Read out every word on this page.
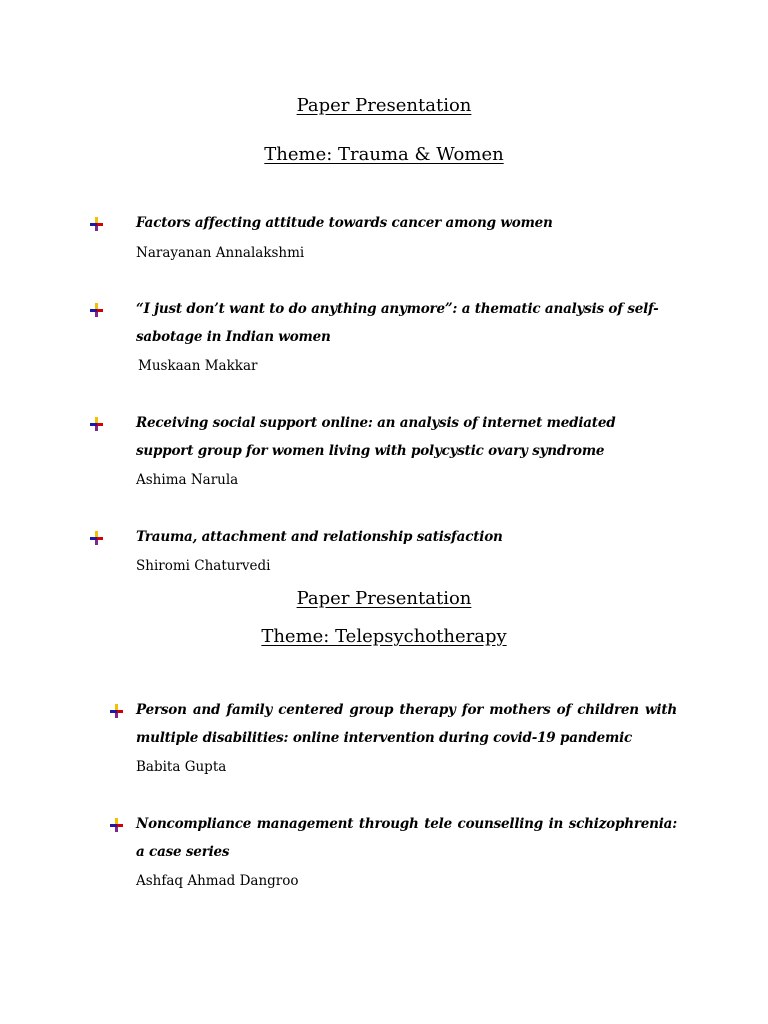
Paper Presentation
Theme: Trauma & Women
Factors affecting attitude towards cancer among women
Narayanan Annalakshmi
“I just don’t want to do anything anymore”: a thematic analysis of self-sabotage in Indian women
Muskaan Makkar
Receiving social support online: an analysis of internet mediated support group for women living with polycystic ovary syndrome
Ashima Narula
Trauma, attachment and relationship satisfaction
Shiromi Chaturvedi
Paper Presentation
Theme: Telepsychotherapy
Person and family centered group therapy for mothers of children with multiple disabilities: online intervention during covid-19 pandemic
Babita Gupta
Noncompliance management through tele counselling in schizophrenia: a case series
Ashfaq Ahmad Dangroo
